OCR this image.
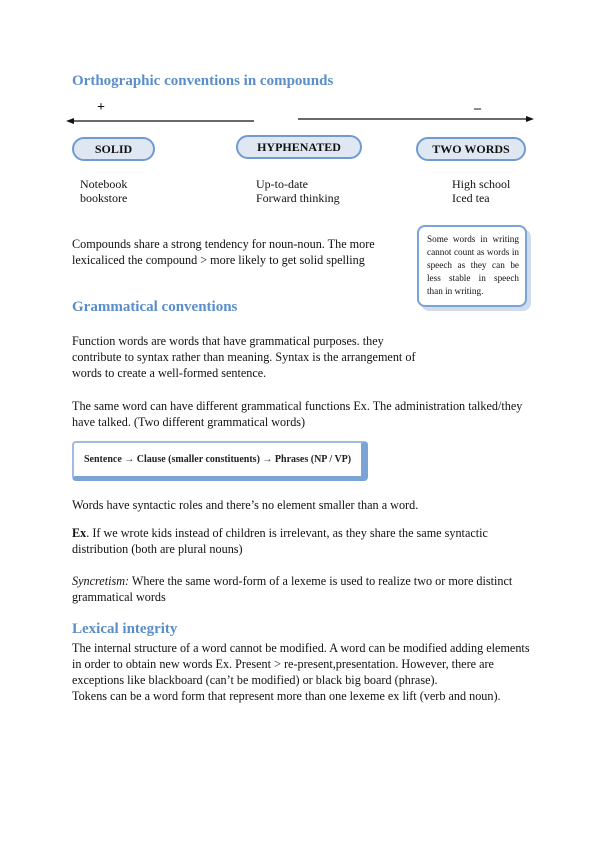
Orthographic conventions in compounds
+	–
SOLID	HYPHENATED	TWO WORDS
Notebook
bookstore
Up-to-date
Forward thinking
High school
Iced tea

Compounds share a strong tendency for noun-noun. The more lexicaliced the compound > more likely to get solid spelling

Some words in writing cannot count as words in speech as they can be less stable in speech than in writing.
Grammatical conventions

Function words are words that have grammatical purposes. they contribute to syntax rather than meaning. Syntax is the arrangement of words to create a well-formed sentence.

The same word can have different grammatical functions Ex. The administration talked/they have talked. (Two different grammatical words)

Sentence → Clause (smaller constituents) → Phrases (NP / VP)

Words have syntactic roles and there’s no element smaller than a word.

Ex. If we wrote kids instead of children is irrelevant, as they share the same syntactic distribution (both are plural nouns)

Syncretism: Where the same word-form of a lexeme is used to realize two or more distinct grammatical words

Lexical integrity

The internal structure of a word cannot be modified. A word can be modified adding elements in order to obtain new words Ex. Present > re-present,presentation. However, there are exceptions like blackboard (can’t be modified) or black big board (phrase).

Tokens can be a word form that represent more than one lexeme ex lift (verb and noun).
